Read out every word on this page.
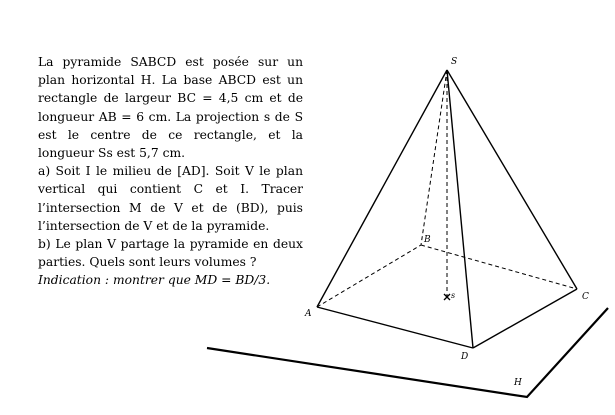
La pyramide SABCD est posée sur un plan horizontal H. La base ABCD est un rectangle de largeur BC = 4,5 cm et de longueur AB = 6 cm. La projection s de S est le centre de ce rectangle, et la longueur Ss est 5,7 cm.

a) Soit I le milieu de [AD]. Soit V le plan vertical qui contient C et I. Tracer l’intersection M de V et de (BD), puis l’intersection de V et de la pyramide.

b) Le plan V partage la pyramide en deux parties. Quels sont leurs volumes ?

Indication : montrer que MD = BD/3.

S
A
B
C
D
s
H
